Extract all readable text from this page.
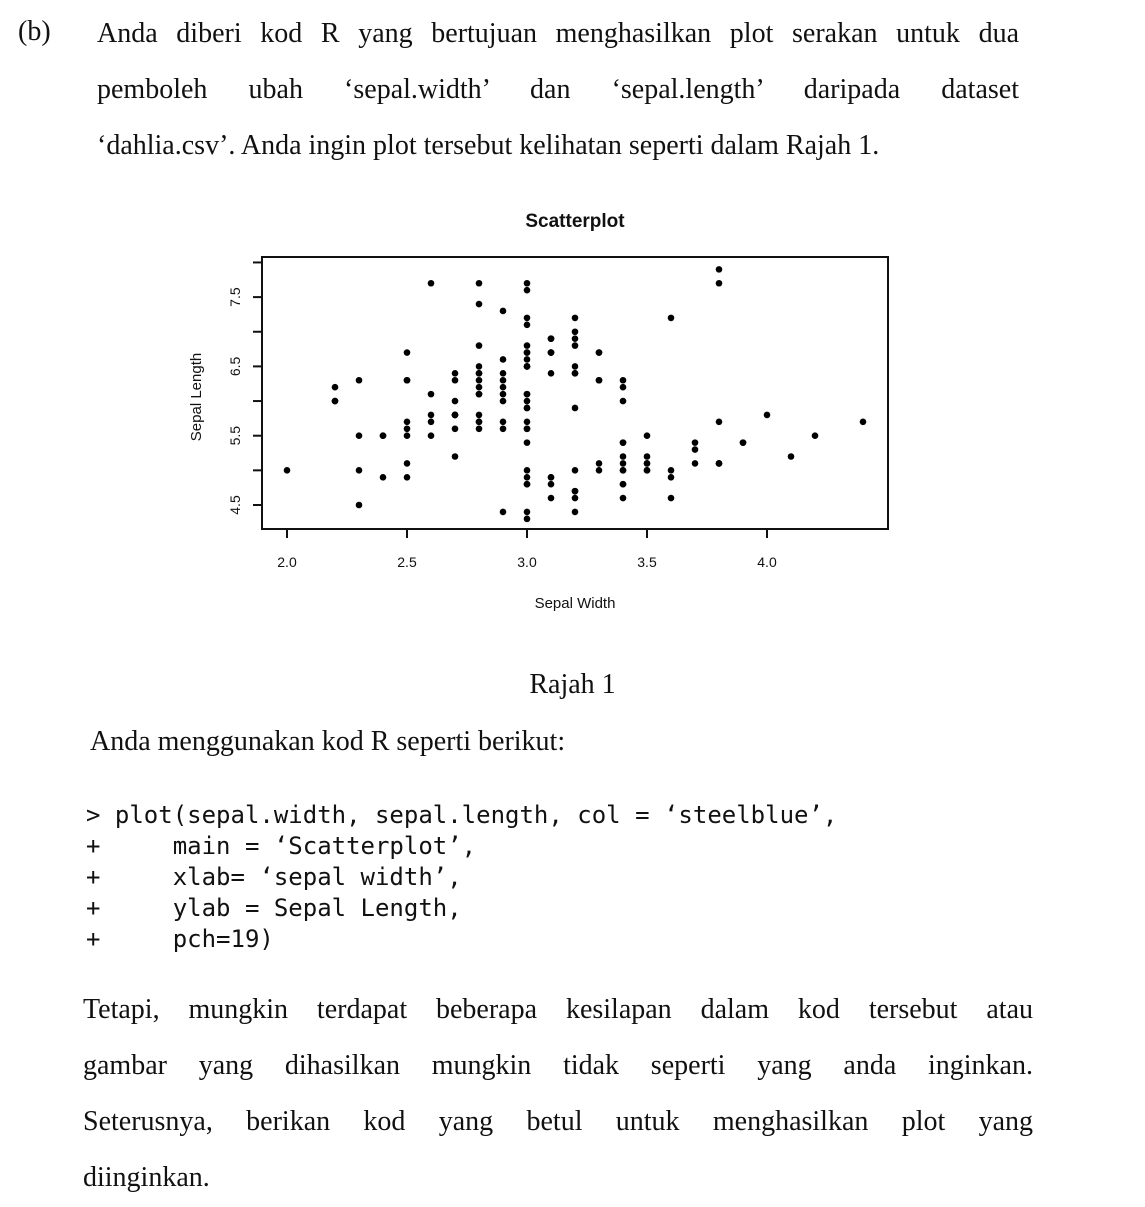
(b) Anda diberi kod R yang bertujuan menghasilkan plot serakan untuk dua
pemboleh ubah ‘sepal.width’ dan ‘sepal.length’ daripada dataset
‘dahlia.csv’. Anda ingin plot tersebut kelihatan seperti dalam Rajah 1.
Scatterplot
2.0	2.5	3.0	3.5	4.0
4.5
5.5
6.5
7.5
Sepal Width
Sepal Length
Rajah 1
Anda menggunakan kod R seperti berikut:
> plot(sepal.width, sepal.length, col = ‘steelblue’,
+     main = ‘Scatterplot’,
+     xlab= ‘sepal width’,
+     ylab = Sepal Length,
+     pch=19)
Tetapi, mungkin terdapat beberapa kesilapan dalam kod tersebut atau
gambar yang dihasilkan mungkin tidak seperti yang anda inginkan.
Seterusnya, berikan kod yang betul untuk menghasilkan plot yang
diinginkan.
